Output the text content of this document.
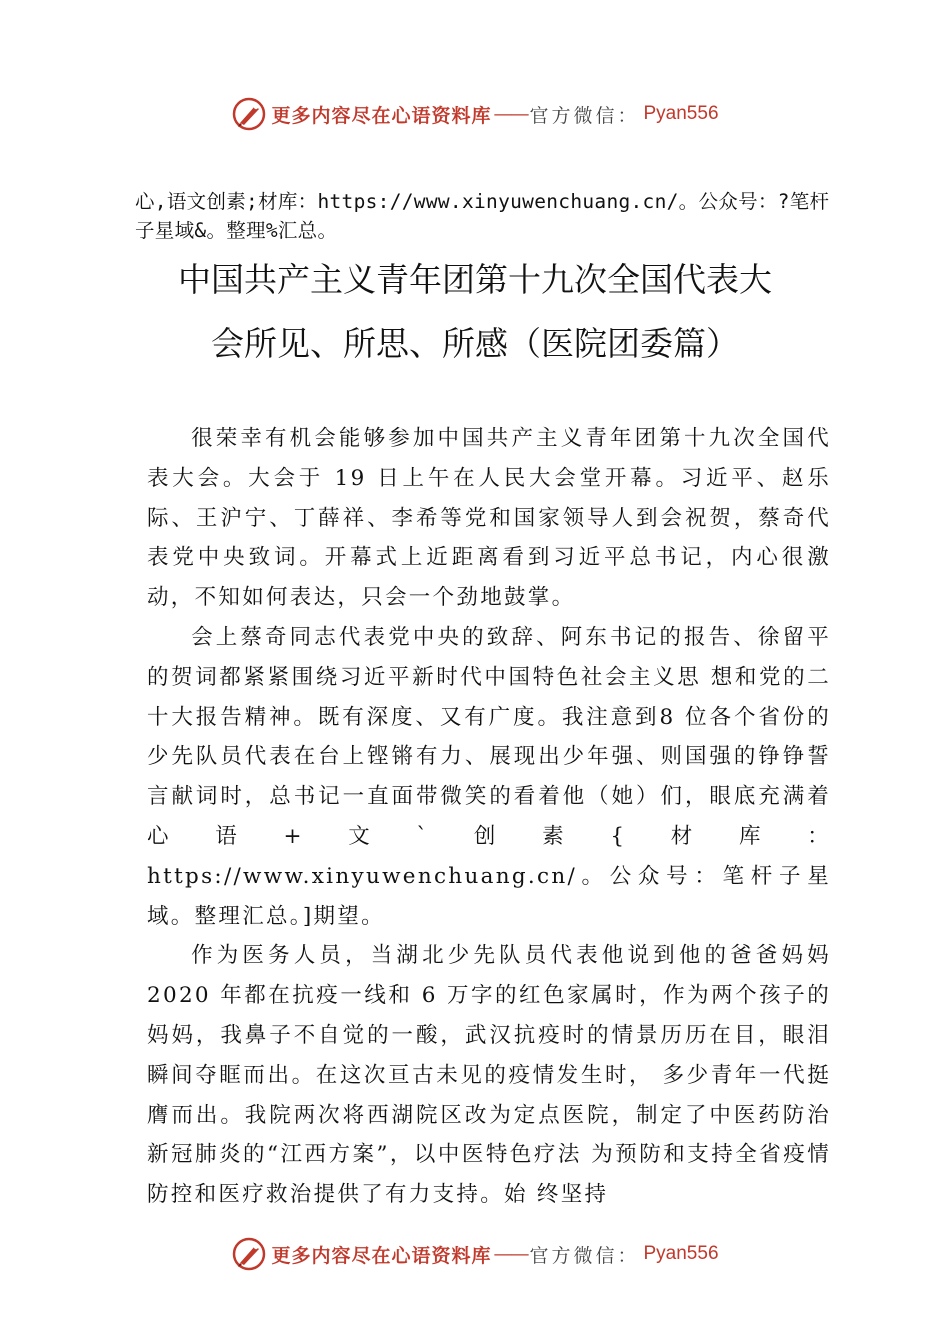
更多内容尽在心语资料库 —— 官方微信： Pyan556
心,语文创素;材库：https://www.xinyuwenchuang.cn/。公众号：?笔杆子星域&。整理%汇总。
中国共产主义青年团第十九次全国代表大
会所见、所思、所感（医院团委篇）

很荣幸有机会能够参加中国共产主义青年团第十九次全国代表大会。大会于 19 日上午在人民大会堂开幕。习近平、赵乐际、王沪宁、丁薛祥、李希等党和国家领导人到会祝贺，蔡奇代表党中央致词。开幕式上近距离看到习近平总书记，内心很激动，不知如何表达，只会一个劲地鼓掌。

会上蔡奇同志代表党中央的致辞、阿东书记的报告、徐留平的贺词都紧紧围绕习近平新时代中国特色社会主义思 想和党的二十大报告精神。既有深度、又有广度。我注意到8 位各个省份的少先队员代表在台上铿锵有力、展现出少年强、则国强的铮铮誓言献词时，总书记一直面带微笑的看着他（她）们，眼底充满着心语+文`创素{材库：https://www.xinyuwenchuang.cn/。公众号：笔杆子星域。整理汇总。]期望。

作为医务人员，当湖北少先队员代表他说到他的爸爸妈妈 2020 年都在抗疫一线和 6 万字的红色家属时，作为两个孩子的妈妈，我鼻子不自觉的一酸，武汉抗疫时的情景历历在目，眼泪瞬间夺眶而出。在这次亘古未见的疫情发生时， 多少青年一代挺膺而出。我院两次将西湖院区改为定点医院，制定了中医药防治新冠肺炎的“江西方案”，以中医特色疗法 为预防和支持全省疫情防控和医疗救治提供了有力支持。始 终坚持

更多内容尽在心语资料库 —— 官方微信： Pyan556
